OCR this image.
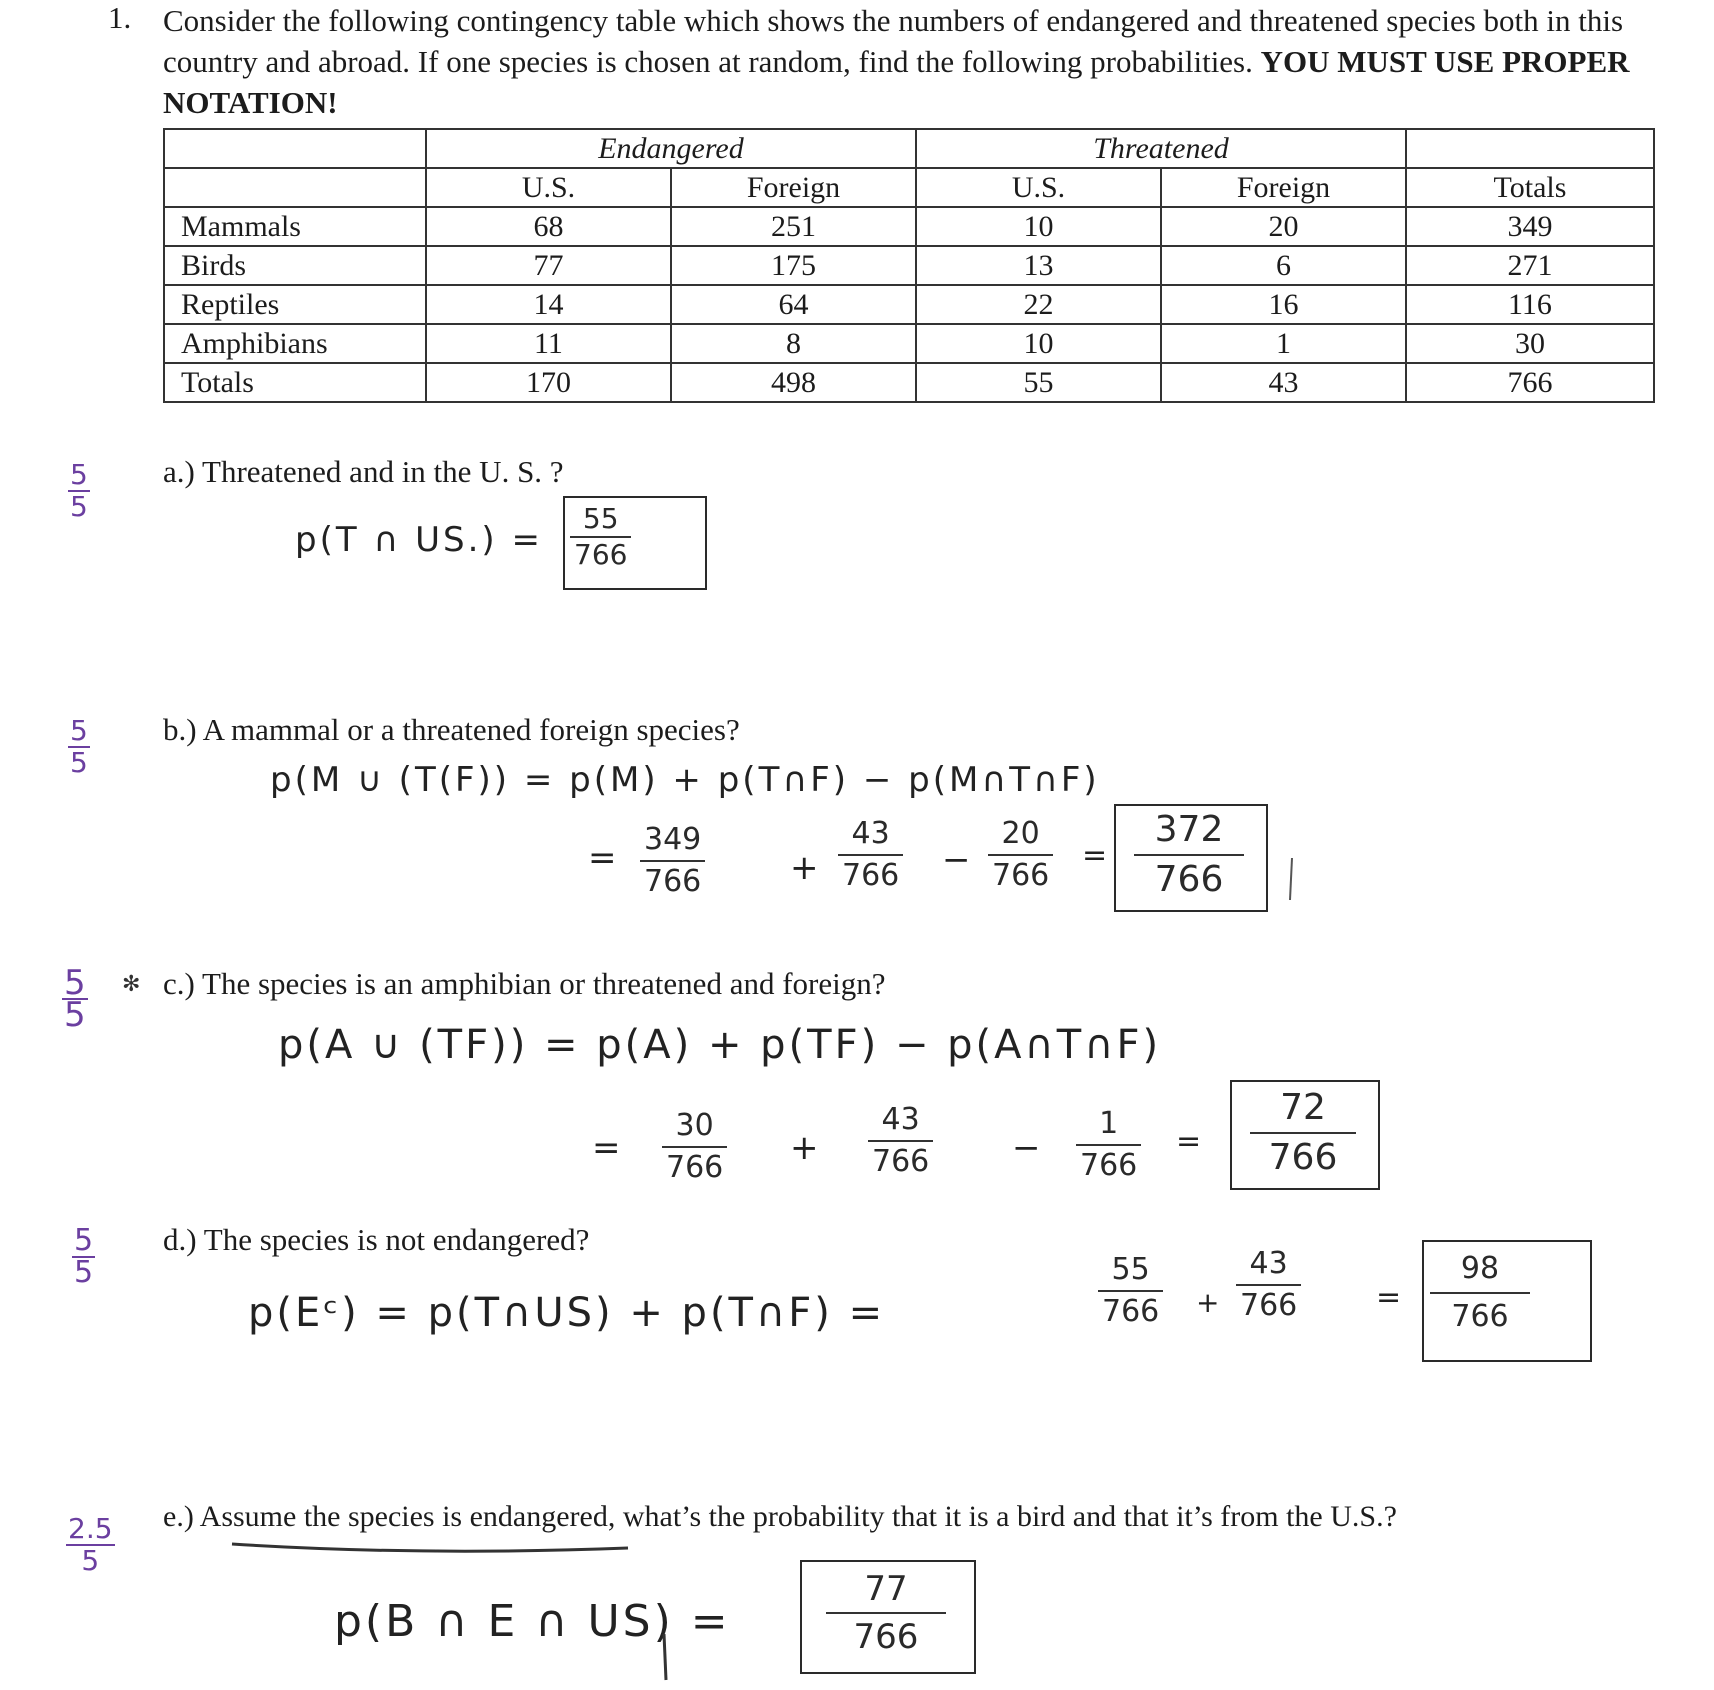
1. Consider the following contingency table which shows the numbers of endangered and threatened species both in this country and abroad. If one species is chosen at random, find the following probabilities. YOU MUST USE PROPER NOTATION!
	Endangered		Threatened		
	U.S.	Foreign	U.S.	Foreign	Totals
Mammals	68	251	10	20	349
Birds	77	175	13	6	271
Reptiles	14	64	22	16	116
Amphibians	11	8	10	1	30
Totals	170	498	55	43	766
$\frac{5}{5} a$.) Threatened and in the U. S. ?
p(T ∩ $US.) = \frac{55}{766}$
$\frac{5}{5} b$.) A mammal or a threatened foreign species?
p(M ∪ (T(F)) = p(M) + p(T∩F) − p(M∩T∩F)
= $\frac{349}{766} + \frac{43}{766} - \frac{20}{766} = \frac{372}{766}$
$\frac{5}{5}$ ✻ c.) The species is an amphibian or threatened and foreign?
p(A ∪ (TF)) = p(A) + p(TF) − p(A∩T∩F)
= $\frac{30}{766} + \frac{43}{766} - \frac{1}{766} = \frac{72}{766}$
$\frac{5}{5} d$.) The species is not endangered?
p(Eᶜ) = p(T∩US) + p(T∩F) =	$\frac{55}{766} + \frac{43}{766} = \frac{98}{766}$
$\frac{2.5}{5} e$.) Assume the species is endangered, what’s the probability that it is a bird and that it’s from the U.S.?
p(B ∩ E ∩ US) =	$\frac{77}{766}$
